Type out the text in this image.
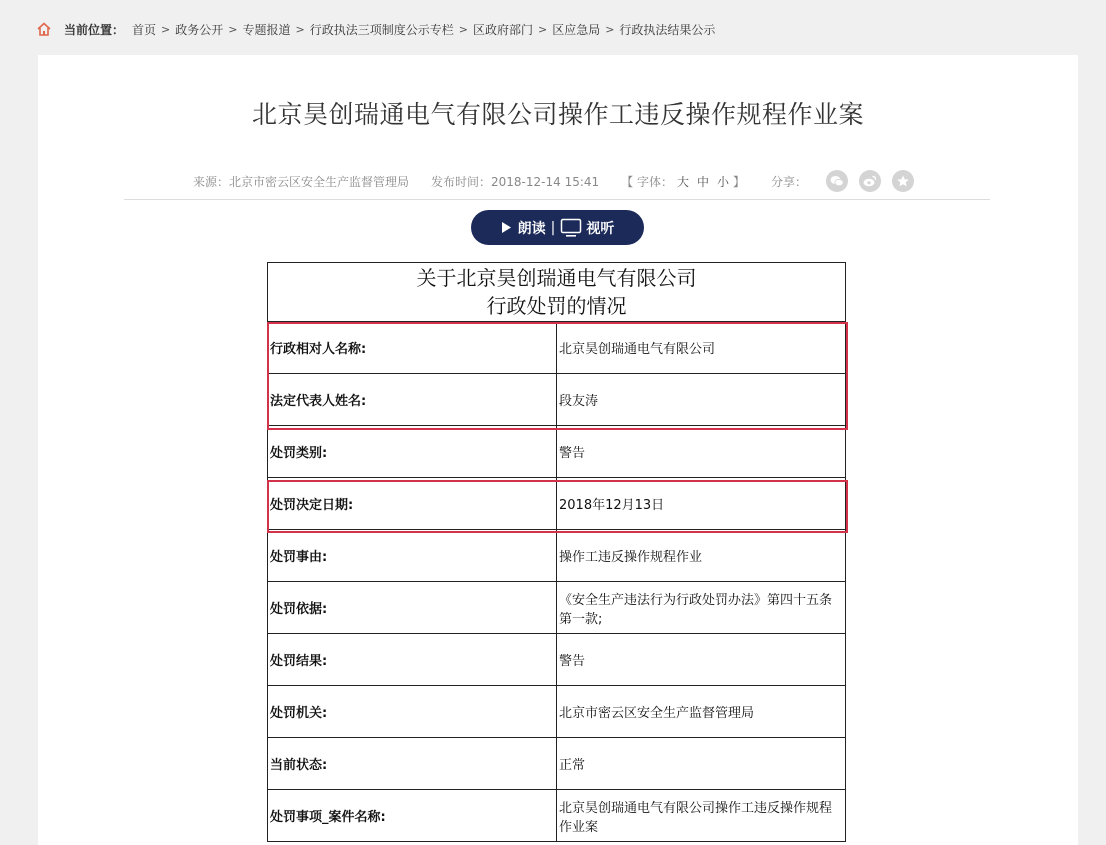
当前位置： 首页 > 政务公开 > 专题报道 > 行政执法三项制度公示专栏 > 区政府部门 > 区应急局 > 行政执法结果公示
北京昊创瑞通电气有限公司操作工违反操作规程作业案
来源：北京市密云区安全生产监督管理局 发布时间：2018-12-14 15:41 【 字体： 大 中 小 】 分享：
朗读 | 视听
关于北京昊创瑞通电气有限公司
行政处罚的情况	
行政相对人名称:	北京昊创瑞通电气有限公司
法定代表人姓名:	段友涛
处罚类别:	警告
处罚决定日期:	2018年12月13日
处罚事由:	操作工违反操作规程作业
处罚依据:	《安全生产违法行为行政处罚办法》第四十五条第一款;
处罚结果:	警告
处罚机关:	北京市密云区安全生产监督管理局
当前状态:	正常
处罚事项_案件名称:	北京昊创瑞通电气有限公司操作工违反操作规程作业案
